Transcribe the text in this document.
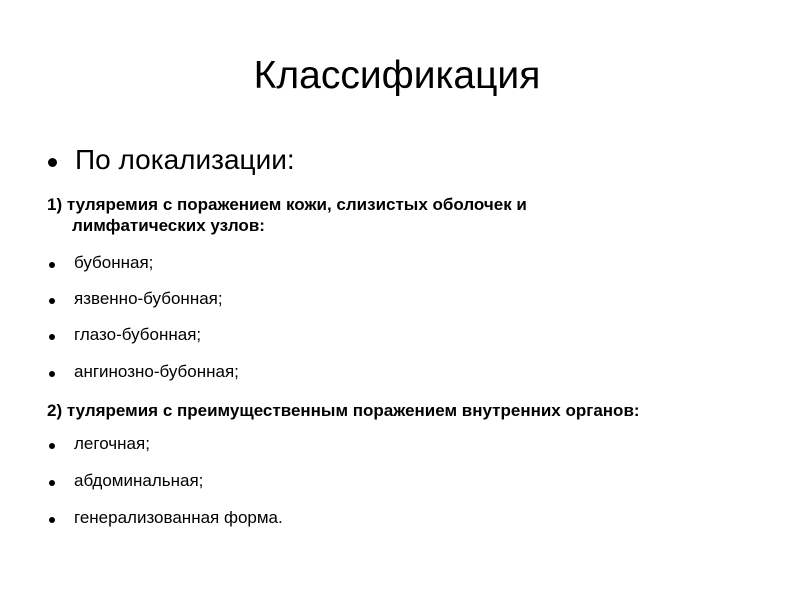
Классификация
По локализации:
1) туляремия с поражением кожи, слизистых оболочек и
лимфатических узлов:
бубонная;
язвенно-бубонная;
глазо-бубонная;
ангинозно-бубонная;
2) туляремия с преимущественным поражением внутренних органов:
легочная;
абдоминальная;
генерализованная форма.
